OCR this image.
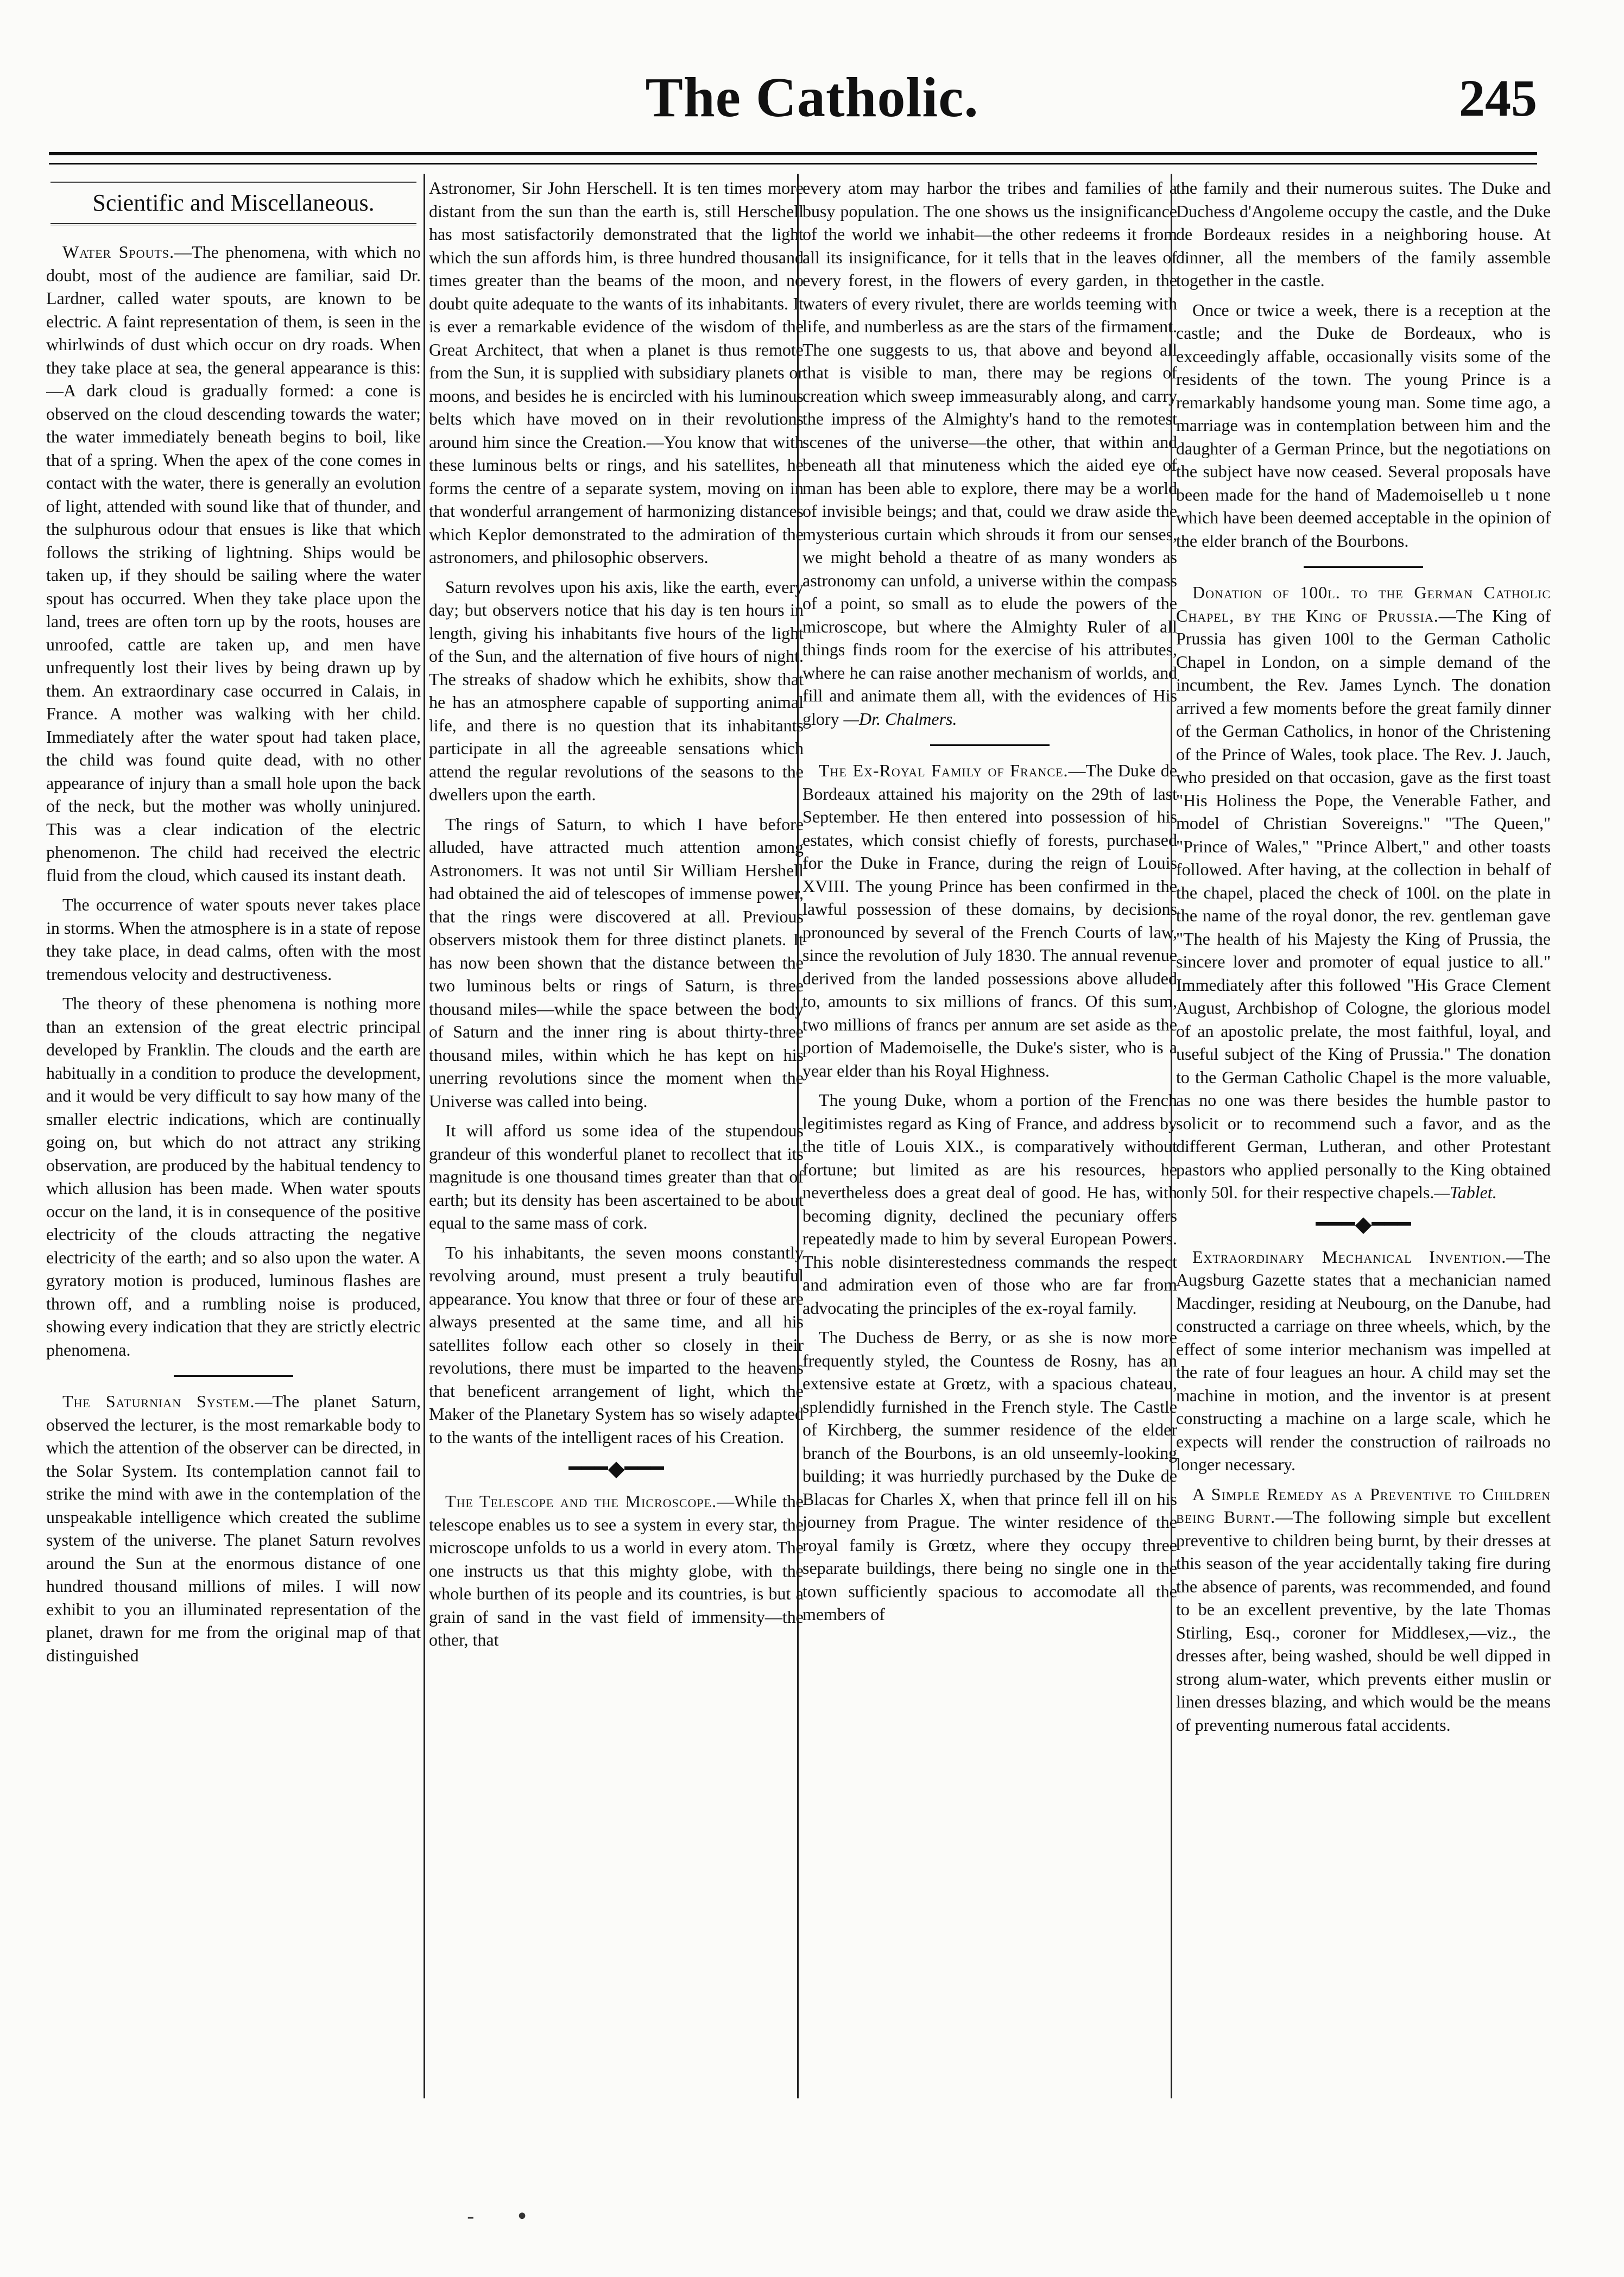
The Catholic.	245
Scientific and Miscellaneous.

Water Spouts.—The phenomena, with which no doubt, most of the audience are familiar, said Dr. Lardner, called water spouts, are known to be electric. A faint representation of them, is seen in the whirlwinds of dust which occur on dry roads. When they take place at sea, the general appearance is this:—A dark cloud is gradually formed: a cone is observed on the cloud descending towards the water; the water immediately beneath begins to boil, like that of a spring. When the apex of the cone comes in contact with the water, there is generally an evolution of light, attended with sound like that of thunder, and the sulphurous odour that ensues is like that which follows the striking of lightning. Ships would be taken up, if they should be sailing where the water spout has occurred. When they take place upon the land, trees are often torn up by the roots, houses are unroofed, cattle are taken up, and men have unfrequently lost their lives by being drawn up by them. An extraordinary case occurred in Calais, in France. A mother was walking with her child. Immediately after the water spout had taken place, the child was found quite dead, with no other appearance of injury than a small hole upon the back of the neck, but the mother was wholly uninjured. This was a clear indication of the electric phenomenon. The child had received the electric fluid from the cloud, which caused its instant death.

The occurrence of water spouts never takes place in storms. When the atmosphere is in a state of repose they take place, in dead calms, often with the most tremendous velocity and destructiveness.

The theory of these phenomena is nothing more than an extension of the great electric principal developed by Franklin. The clouds and the earth are habitually in a condition to produce the development, and it would be very difficult to say how many of the smaller electric indications, which are continually going on, but which do not attract any striking observation, are produced by the habitual tendency to which allusion has been made. When water spouts occur on the land, it is in consequence of the positive electricity of the clouds attracting the negative electricity of the earth; and so also upon the water. A gyratory motion is produced, luminous flashes are thrown off, and a rumbling noise is produced, showing every indication that they are strictly electric phenomena.

The Saturnian System.—The planet Saturn, observed the lecturer, is the most remarkable body to which the attention of the observer can be directed, in the Solar System. Its contemplation cannot fail to strike the mind with awe in the contemplation of the unspeakable intelligence which created the sublime system of the universe. The planet Saturn revolves around the Sun at the enormous distance of one hundred thousand millions of miles. I will now exhibit to you an illuminated representation of the planet, drawn for me from the original map of that distinguished

Astronomer, Sir John Herschell. It is ten times more distant from the sun than the earth is, still Herschell has most satisfactorily demonstrated that the light which the sun affords him, is three hundred thousand times greater than the beams of the moon, and no doubt quite adequate to the wants of its inhabitants. It is ever a remarkable evidence of the wisdom of the Great Architect, that when a planet is thus remote from the Sun, it is supplied with subsidiary planets or moons, and besides he is encircled with his luminous belts which have moved on in their revolutions around him since the Creation.—You know that with these luminous belts or rings, and his satellites, he forms the centre of a separate system, moving on in that wonderful arrangement of harmonizing distances which Keplor demonstrated to the admiration of the astronomers, and philosophic observers.

Saturn revolves upon his axis, like the earth, every day; but observers notice that his day is ten hours in length, giving his inhabitants five hours of the light of the Sun, and the alternation of five hours of night. The streaks of shadow which he exhibits, show that he has an atmosphere capable of supporting animal life, and there is no question that its inhabitants participate in all the agreeable sensations which attend the regular revolutions of the seasons to the dwellers upon the earth.

The rings of Saturn, to which I have before alluded, have attracted much attention among Astronomers. It was not until Sir William Hershell had obtained the aid of telescopes of immense power, that the rings were discovered at all. Previous observers mistook them for three distinct planets. It has now been shown that the distance between the two luminous belts or rings of Saturn, is three thousand miles—while the space between the body of Saturn and the inner ring is about thirty-three thousand miles, within which he has kept on his unerring revolutions since the moment when the Universe was called into being.

It will afford us some idea of the stupendous grandeur of this wonderful planet to recollect that its magnitude is one thousand times greater than that of earth; but its density has been ascertained to be about equal to the same mass of cork.

To his inhabitants, the seven moons constantly revolving around, must present a truly beautiful appearance. You know that three or four of these are always presented at the same time, and all his satellites follow each other so closely in their revolutions, there must be imparted to the heavens that beneficent arrangement of light, which the Maker of the Planetary System has so wisely adapted to the wants of the intelligent races of his Creation.

━━━◆━━━

The Telescope and the Microscope.—While the telescope enables us to see a system in every star, the microscope unfolds to us a world in every atom. The one instructs us that this mighty globe, with the whole burthen of its people and its countries, is but a grain of sand in the vast field of immensity—the other, that

every atom may harbor the tribes and families of a busy population. The one shows us the insignificance of the world we inhabit—the other redeems it from all its insignificance, for it tells that in the leaves of every forest, in the flowers of every garden, in the waters of every rivulet, there are worlds teeming with life, and numberless as are the stars of the firmament. The one suggests to us, that above and beyond all that is visible to man, there may be regions of creation which sweep immeasurably along, and carry the impress of the Almighty's hand to the remotest scenes of the universe—the other, that within and beneath all that minuteness which the aided eye of man has been able to explore, there may be a world of invisible beings; and that, could we draw aside the mysterious curtain which shrouds it from our senses, we might behold a theatre of as many wonders as astronomy can unfold, a universe within the compass of a point, so small as to elude the powers of the microscope, but where the Almighty Ruler of all things finds room for the exercise of his attributes, where he can raise another mechanism of worlds, and fill and animate them all, with the evidences of His glory —Dr. Chalmers.

The Ex-Royal Family of France.—The Duke de Bordeaux attained his majority on the 29th of last September. He then entered into possession of his estates, which consist chiefly of forests, purchased for the Duke in France, during the reign of Louis XVIII. The young Prince has been confirmed in the lawful possession of these domains, by decisions pronounced by several of the French Courts of law, since the revolution of July 1830. The annual revenue derived from the landed possessions above alluded to, amounts to six millions of francs. Of this sum, two millions of francs per annum are set aside as the portion of Mademoiselle, the Duke's sister, who is a year elder than his Royal Highness.

The young Duke, whom a portion of the French legitimistes regard as King of France, and address by the title of Louis XIX., is comparatively without fortune; but limited as are his resources, he nevertheless does a great deal of good. He has, with becoming dignity, declined the pecuniary offers repeatedly made to him by several European Powers. This noble disinterestedness commands the respect and admiration even of those who are far from advocating the principles of the ex-royal family.

The Duchess de Berry, or as she is now more frequently styled, the Countess de Rosny, has an extensive estate at Grœtz, with a spacious chateau, splendidly furnished in the French style. The Castle of Kirchberg, the summer residence of the elder branch of the Bourbons, is an old unseemly-looking building; it was hurriedly purchased by the Duke de Blacas for Charles X, when that prince fell ill on his journey from Prague. The winter residence of the royal family is Grœtz, where they occupy three separate buildings, there being no single one in the town sufficiently spacious to accomodate all the members of

the family and their numerous suites. The Duke and Duchess d'Angoleme occupy the castle, and the Duke de Bordeaux resides in a neighboring house. At dinner, all the members of the family assemble together in the castle.

Once or twice a week, there is a reception at the castle; and the Duke de Bordeaux, who is exceedingly affable, occasionally visits some of the residents of the town. The young Prince is a remarkably handsome young man. Some time ago, a marriage was in contemplation between him and the daughter of a German Prince, but the negotiations on the subject have now ceased. Several proposals have been made for the hand of Mademoiselleb u t none which have been deemed acceptable in the opinion of the elder branch of the Bourbons.

Donation of 100l. to the German Catholic Chapel, by the King of Prussia.—The King of Prussia has given 100l to the German Catholic Chapel in London, on a simple demand of the incumbent, the Rev. James Lynch. The donation arrived a few moments before the great family dinner of the German Catholics, in honor of the Christening of the Prince of Wales, took place. The Rev. J. Jauch, who presided on that occasion, gave as the first toast "His Holiness the Pope, the Venerable Father, and model of Christian Sovereigns." "The Queen," "Prince of Wales," "Prince Albert," and other toasts followed. After having, at the collection in behalf of the chapel, placed the check of 100l. on the plate in the name of the royal donor, the rev. gentleman gave "The health of his Majesty the King of Prussia, the sincere lover and promoter of equal justice to all." Immediately after this followed "His Grace Clement August, Archbishop of Cologne, the glorious model of an apostolic prelate, the most faithful, loyal, and useful subject of the King of Prussia." The donation to the German Catholic Chapel is the more valuable, as no one was there besides the humble pastor to solicit or to recommend such a favor, and as the different German, Lutheran, and other Protestant pastors who applied personally to the King obtained only 50l. for their respective chapels.—Tablet.

━━━◆━━━

Extraordinary Mechanical Invention.—The Augsburg Gazette states that a mechanician named Macdinger, residing at Neubourg, on the Danube, had constructed a carriage on three wheels, which, by the effect of some interior mechanism was impelled at the rate of four leagues an hour. A child may set the machine in motion, and the inventor is at present constructing a machine on a large scale, which he expects will render the construction of railroads no longer necessary.

A Simple Remedy as a Preventive to Children being Burnt.—The following simple but excellent preventive to children being burnt, by their dresses at this season of the year accidentally taking fire during the absence of parents, was recommended, and found to be an excellent preventive, by the late Thomas Stirling, Esq., coroner for Middlesex,—viz., the dresses after, being washed, should be well dipped in strong alum-water, which prevents either muslin or linen dresses blazing, and which would be the means of preventing numerous fatal accidents.

-      •
